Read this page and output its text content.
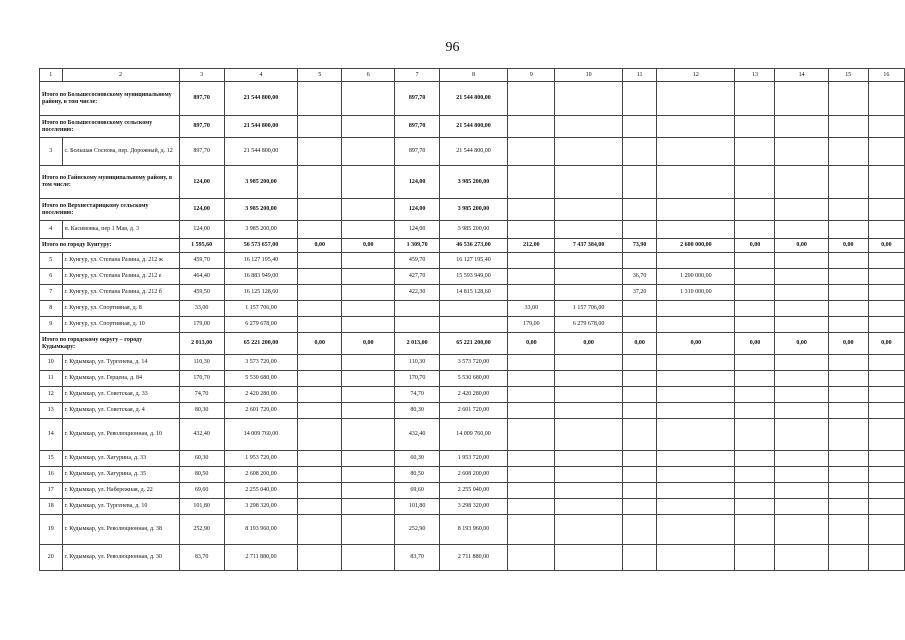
96
1	2	3	4	5	6	7	8	9	10	11	12	13	14	15	16
Итого по Большесосновскому муниципальному району, в том числе:		897,70	21 544 800,00			897,70	21 544 800,00								
Итого по Большесосновскому сельскому поселению:		897,70	21 544 800,00			897,70	21 544 800,00								
3	с. Большая Соснова, пер. Дорожный, д. 12	897,70	21 544 800,00			897,70	21 544 800,00								
Итого по Гайнскому муниципальному району, в том числе:		124,00	3 985 200,00			124,00	3 985 200,00								
Итого по Верхнестарицкому сельскому поселению:		124,00	3 985 200,00			124,00	3 985 200,00								
4	п. Касимовка, пер 1 Мая, д. 3	124,00	3 985 200,00			124,00	3 985 200,00								
Итого по городу Кунгуру:		1 595,60	56 573 657,00	0,00	0,00	1 309,70	46 536 273,00	212,00	7 437 384,00	73,90	2 600 000,00	0,00	0,00	0,00	0,00
5	г. Кунгур, ул. Степана Разина, д. 212 ж	459,70	16 127 195,40			459,70	16 127 195,40								
6	г. Кунгур, ул. Степана Разина, д. 212 е	464,40	16 883 949,00			427,70	15 593 949,00			36,70	1 290 000,00				
7	г. Кунгур, ул. Степана Разина, д. 212 б	459,50	16 125 128,60			422,30	14 815 128,60			37,20	1 310 000,00				
8	г. Кунгур, ул. Спортивная, д. 8	33,00	1 157 706,00					33,00	1 157 706,00						
9	г. Кунгур, ул. Спортивная, д. 10	179,00	6 279 678,00					179,00	6 279 678,00						
Итого по городскому округу – городу Кудымкару:		2 013,00	65 221 200,00	0,00	0,00	2 013,00	65 221 200,00	0,00	0,00	0,00	0,00	0,00	0,00	0,00	0,00
10	г. Кудымкар, ул. Тургенева, д. 14	110,30	3 573 720,00			110,30	3 573 720,00								
11	г. Кудымкар, ул. Герцена, д. 84	170,70	5 530 680,00			170,70	5 530 680,00								
12	г. Кудымкар, ул. Советская, д. 33	74,70	2 420 280,00			74,70	2 420 280,00								
13	г. Кудымкар, ул. Советская, д. 4	80,30	2 601 720,00			80,30	2 601 720,00								
14	г. Кудымкар, ул. Революционная, д. 10	432,40	14 009 760,00			432,40	14 009 760,00								
15	г. Кудымкар, ул. Хатурина, д. 33	60,30	1 953 720,00			60,30	1 953 720,00								
16	г. Кудымкар, ул. Хатурина, д. 35	80,50	2 608 200,00			80,50	2 608 200,00								
17	г. Кудымкар, ул. Набережная, д. 22	69,60	2 255 040,00			69,60	2 255 040,00								
18	г. Кудымкар, ул. Тургенева, д. 10	101,80	3 298 320,00			101,80	3 298 320,00								
19	г. Кудымкар, ул. Революционная, д. 38	252,90	8 193 960,00			252,90	8 193 960,00								
20	г. Кудымкар, ул. Революционная, д. 30	83,70	2 711 880,00			83,70	2 711 880,00								
